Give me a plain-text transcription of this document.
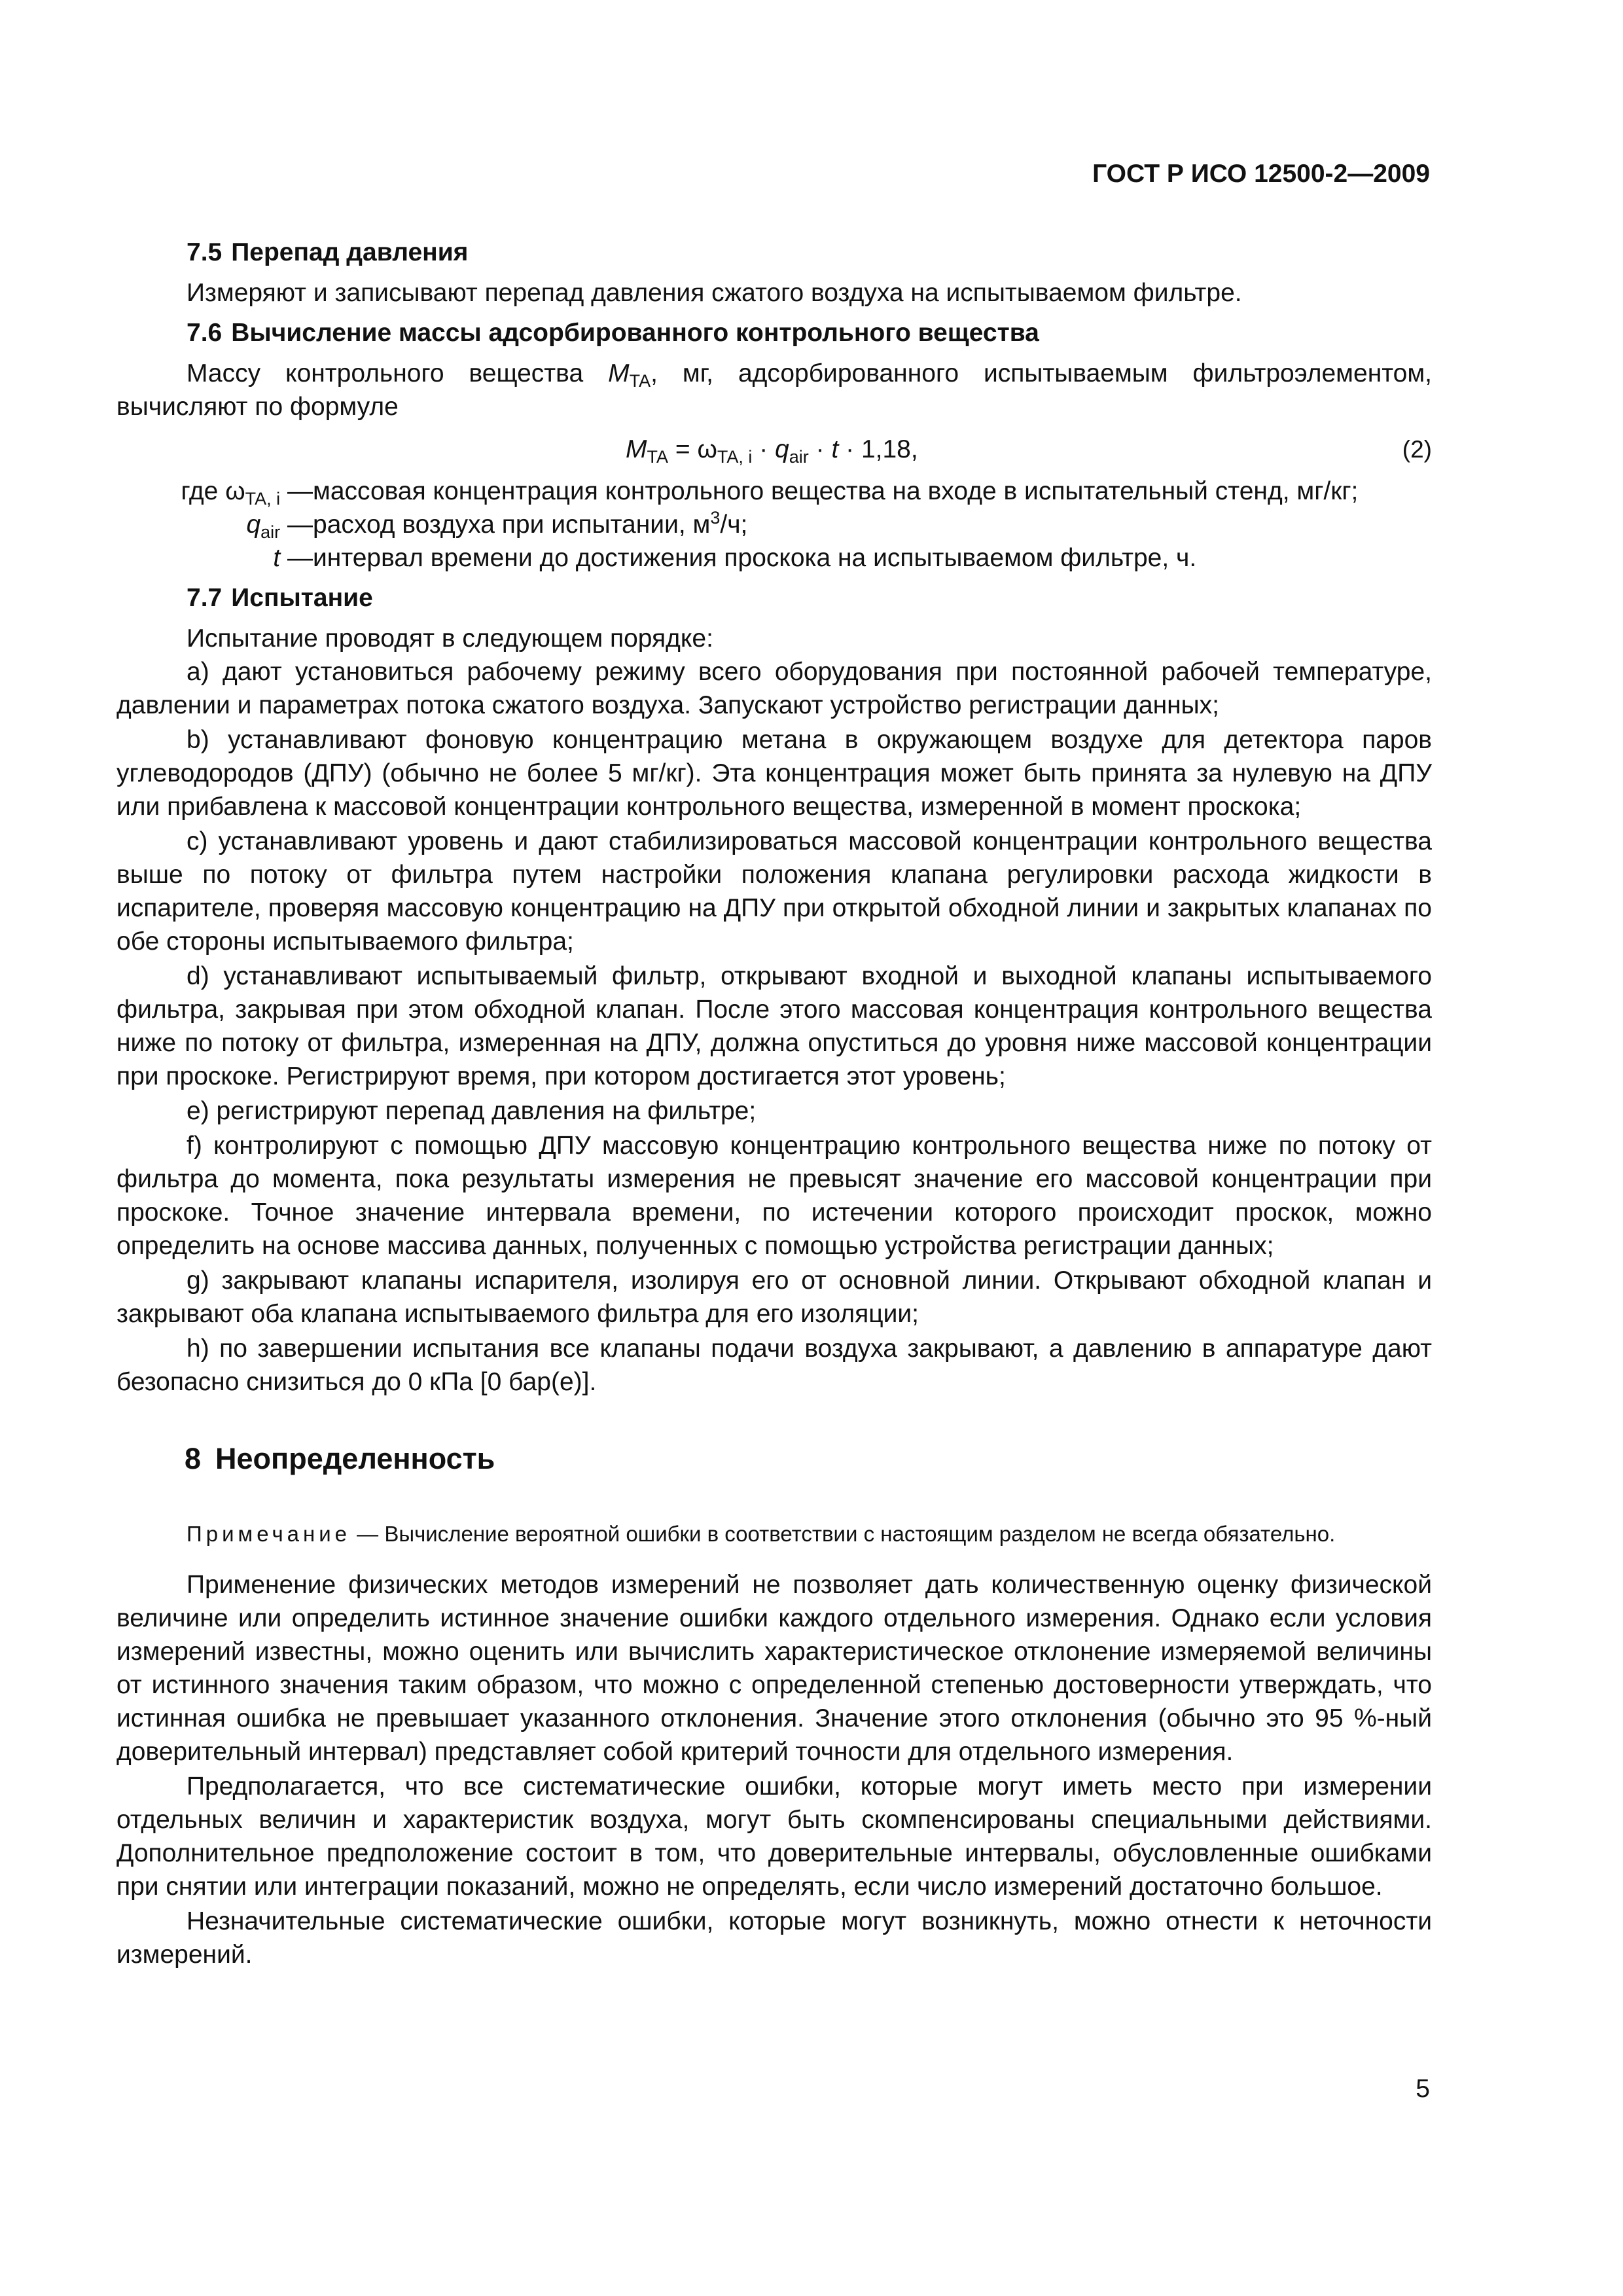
ГОСТ Р ИСО 12500-2—2009
7.5 Перепад давления

Измеряют и записывают перепад давления сжатого воздуха на испытываемом фильтре.

7.6 Вычисление массы адсорбированного контрольного вещества

Массу контрольного вещества $M_{TA}$, мг, адсорбированного испытываемым фильтроэлементом, вычисляют по формуле

$M_{TA} = \omega_{TA, i} \cdot q_{air} \cdot t \cdot 1,18$,	(2)
где $\omega_{TA, i}$ — массовая концентрация контрольного вещества на входе в испытательный стенд, мг/кг;
$q_{air}$ — расход воздуха при испытании, $м^3/ч$;
t — интервал времени до достижения проскока на испытываемом фильтре, ч.
7.7 Испытание

Испытание проводят в следующем порядке:

a) дают установиться рабочему режиму всего оборудования при постоянной рабочей температуре, давлении и параметрах потока сжатого воздуха. Запускают устройство регистрации данных;

b) устанавливают фоновую концентрацию метана в окружающем воздухе для детектора паров углеводородов (ДПУ) (обычно не более 5 мг/кг). Эта концентрация может быть принята за нулевую на ДПУ или прибавлена к массовой концентрации контрольного вещества, измеренной в момент проскока;

c) устанавливают уровень и дают стабилизироваться массовой концентрации контрольного вещества выше по потоку от фильтра путем настройки положения клапана регулировки расхода жидкости в испарителе, проверяя массовую концентрацию на ДПУ при открытой обходной линии и закрытых клапанах по обе стороны испытываемого фильтра;

d) устанавливают испытываемый фильтр, открывают входной и выходной клапаны испытываемого фильтра, закрывая при этом обходной клапан. После этого массовая концентрация контрольного вещества ниже по потоку от фильтра, измеренная на ДПУ, должна опуститься до уровня ниже массовой концентрации при проскоке. Регистрируют время, при котором достигается этот уровень;

e) регистрируют перепад давления на фильтре;

f) контролируют с помощью ДПУ массовую концентрацию контрольного вещества ниже по потоку от фильтра до момента, пока результаты измерения не превысят значение его массовой концентрации при проскоке. Точное значение интервала времени, по истечении которого происходит проскок, можно определить на основе массива данных, полученных с помощью устройства регистрации данных;

g) закрывают клапаны испарителя, изолируя его от основной линии. Открывают обходной клапан и закрывают оба клапана испытываемого фильтра для его изоляции;

h) по завершении испытания все клапаны подачи воздуха закрывают, а давлению в аппаратуре дают безопасно снизиться до 0 кПа [0 бар(е)].

8 Неопределенность

Примечание — Вычисление вероятной ошибки в соответствии с настоящим разделом не всегда обязательно.

Применение физических методов измерений не позволяет дать количественную оценку физической величине или определить истинное значение ошибки каждого отдельного измерения. Однако если условия измерений известны, можно оценить или вычислить характеристическое отклонение измеряемой величины от истинного значения таким образом, что можно с определенной степенью достоверности утверждать, что истинная ошибка не превышает указанного отклонения. Значение этого отклонения (обычно это 95 %-ный доверительный интервал) представляет собой критерий точности для отдельного измерения.

Предполагается, что все систематические ошибки, которые могут иметь место при измерении отдельных величин и характеристик воздуха, могут быть скомпенсированы специальными действиями. Дополнительное предположение состоит в том, что доверительные интервалы, обусловленные ошибками при снятии или интеграции показаний, можно не определять, если число измерений достаточно большое.

Незначительные систематические ошибки, которые могут возникнуть, можно отнести к неточности измерений.

5
